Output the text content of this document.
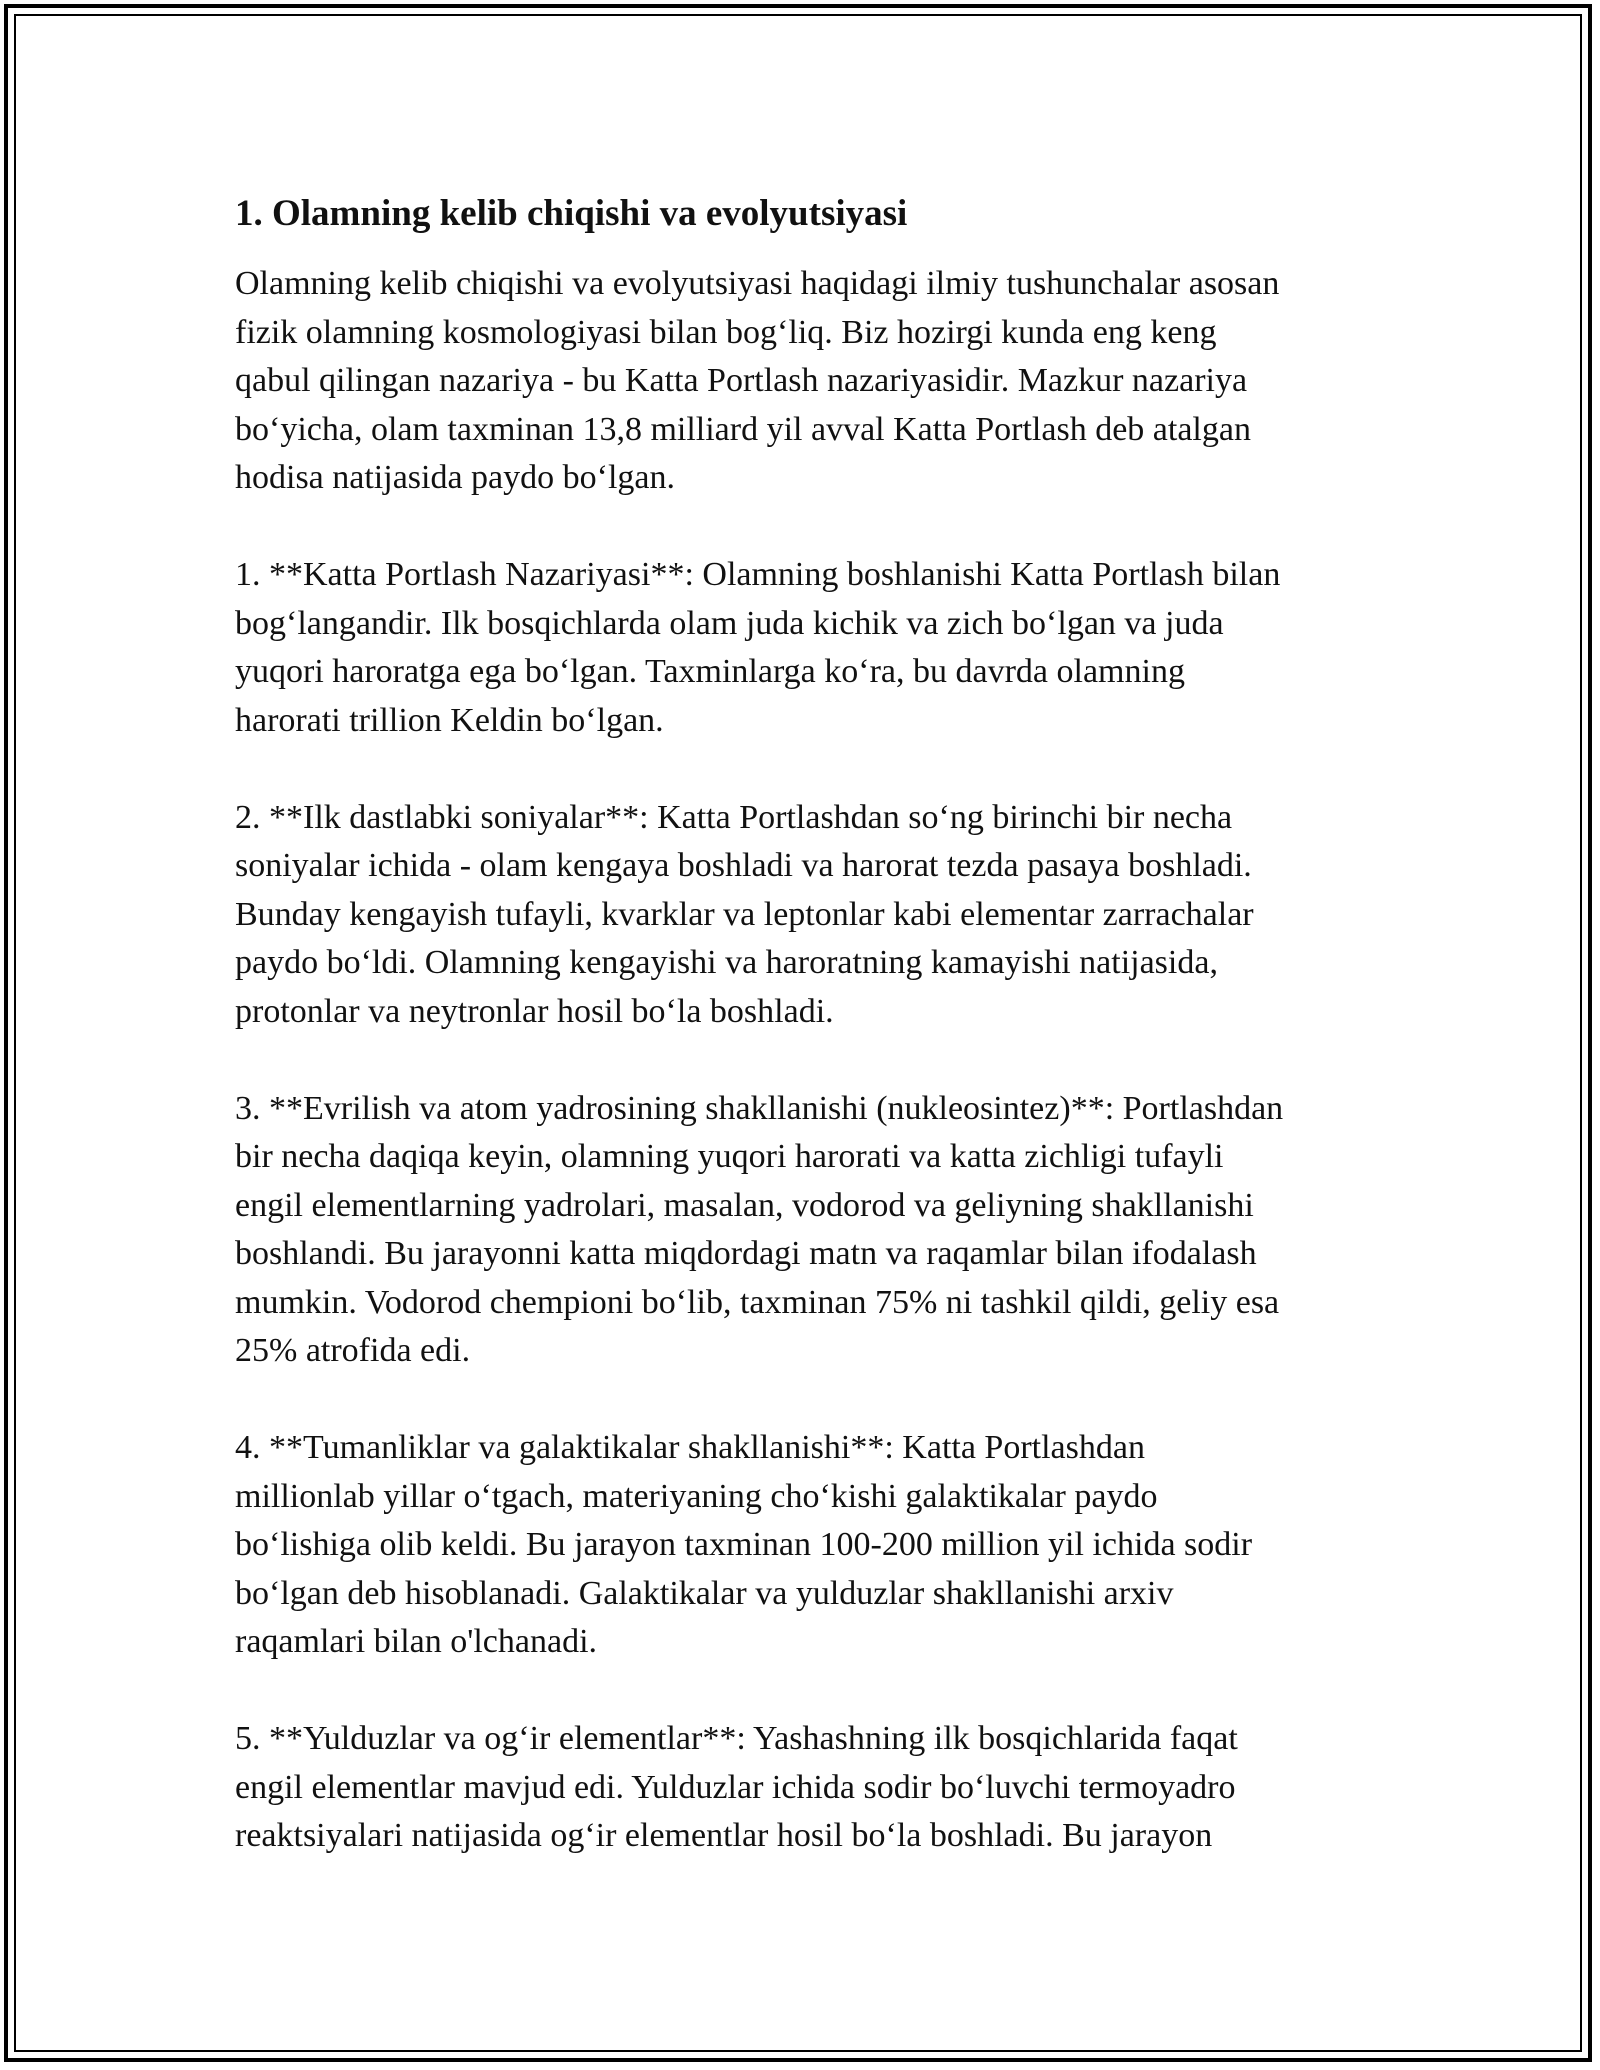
1. Olamning kelib chiqishi va evolyutsiyasi

Olamning kelib chiqishi va evolyutsiyasi haqidagi ilmiy tushunchalar asosan
fizik olamning kosmologiyasi bilan bog‘liq. Biz hozirgi kunda eng keng
qabul qilingan nazariya - bu Katta Portlash nazariyasidir. Mazkur nazariya
bo‘yicha, olam taxminan 13,8 milliard yil avval Katta Portlash deb atalgan
hodisa natijasida paydo bo‘lgan.

1. **Katta Portlash Nazariyasi**: Olamning boshlanishi Katta Portlash bilan
bog‘langandir. Ilk bosqichlarda olam juda kichik va zich bo‘lgan va juda
yuqori haroratga ega bo‘lgan. Taxminlarga ko‘ra, bu davrda olamning
harorati trillion Keldin bo‘lgan.

2. **Ilk dastlabki soniyalar**: Katta Portlashdan so‘ng birinchi bir necha
soniyalar ichida - olam kengaya boshladi va harorat tezda pasaya boshladi.
Bunday kengayish tufayli, kvarklar va leptonlar kabi elementar zarrachalar
paydo bo‘ldi. Olamning kengayishi va haroratning kamayishi natijasida,
protonlar va neytronlar hosil bo‘la boshladi.

3. **Evrilish va atom yadrosining shakllanishi (nukleosintez)**: Portlashdan
bir necha daqiqa keyin, olamning yuqori harorati va katta zichligi tufayli
engil elementlarning yadrolari, masalan, vodorod va geliyning shakllanishi
boshlandi. Bu jarayonni katta miqdordagi matn va raqamlar bilan ifodalash
mumkin. Vodorod chempioni bo‘lib, taxminan 75% ni tashkil qildi, geliy esa
25% atrofida edi.

4. **Tumanliklar va galaktikalar shakllanishi**: Katta Portlashdan
millionlab yillar o‘tgach, materiyaning cho‘kishi galaktikalar paydo
bo‘lishiga olib keldi. Bu jarayon taxminan 100-200 million yil ichida sodir
bo‘lgan deb hisoblanadi. Galaktikalar va yulduzlar shakllanishi arxiv
raqamlari bilan o'lchanadi.

5. **Yulduzlar va og‘ir elementlar**: Yashashning ilk bosqichlarida faqat
engil elementlar mavjud edi. Yulduzlar ichida sodir bo‘luvchi termoyadro
reaktsiyalari natijasida og‘ir elementlar hosil bo‘la boshladi. Bu jarayon
